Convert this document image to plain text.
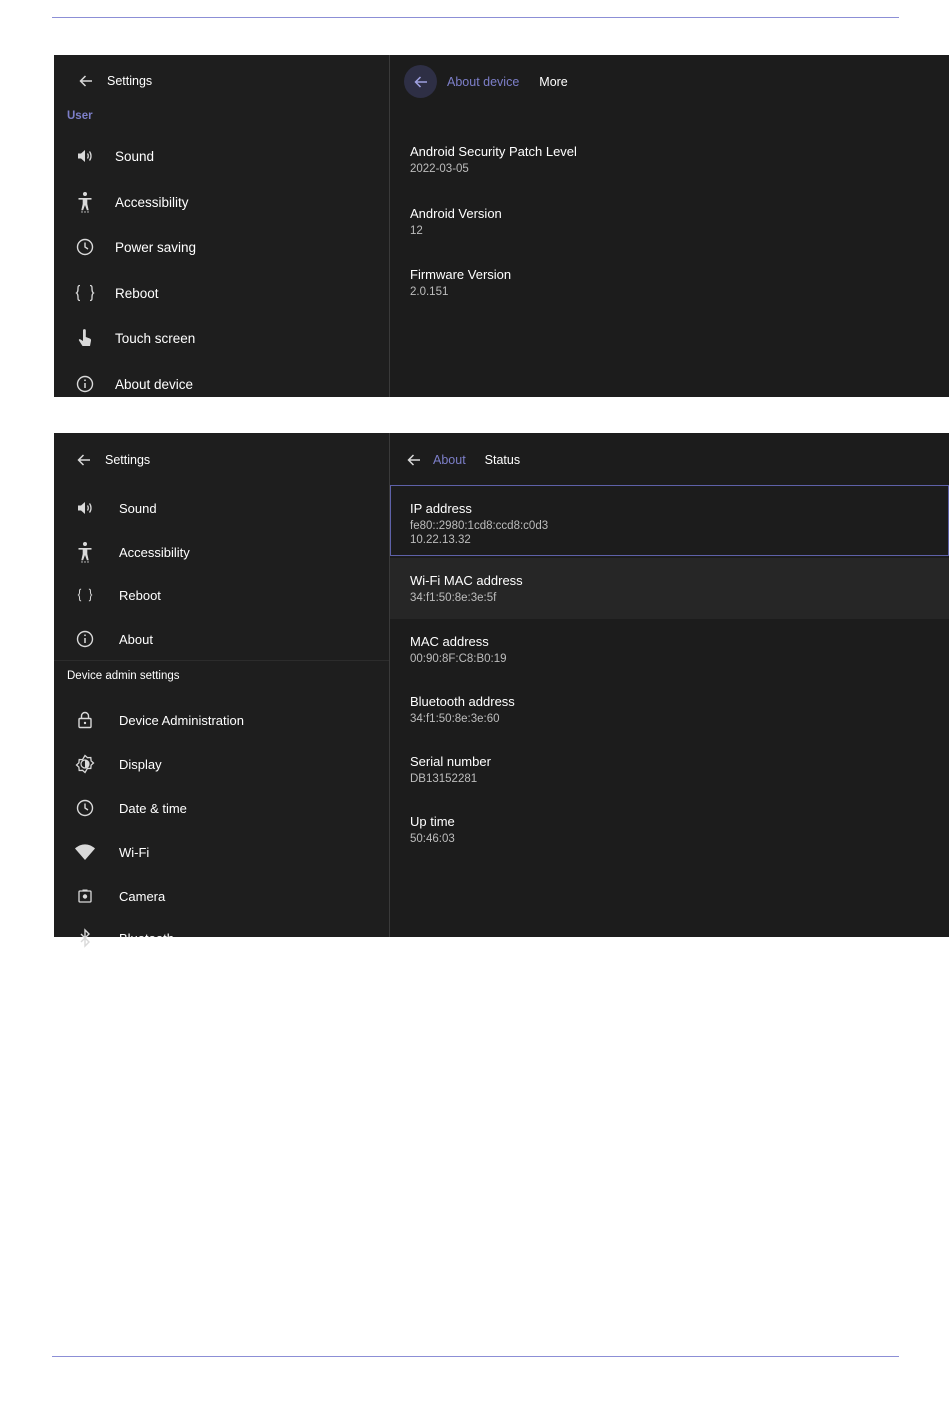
Settings
User
Sound
Accessibility
Power saving
Reboot
Touch screen
About device
About device More
Android Security Patch Level
2022-03-05
Android Version
12
Firmware Version
2.0.151
Settings
Sound
Accessibility
Reboot
About
Device admin settings
Device Administration
Display
Date & time
Wi-Fi
Camera
Bluetooth
About Status
IP address
fe80::2980:1cd8:ccd8:c0d3
10.22.13.32
Wi-Fi MAC address
34:f1:50:8e:3e:5f
MAC address
00:90:8F:C8:B0:19
Bluetooth address
34:f1:50:8e:3e:60
Serial number
DB13152281
Up time
50:46:03
